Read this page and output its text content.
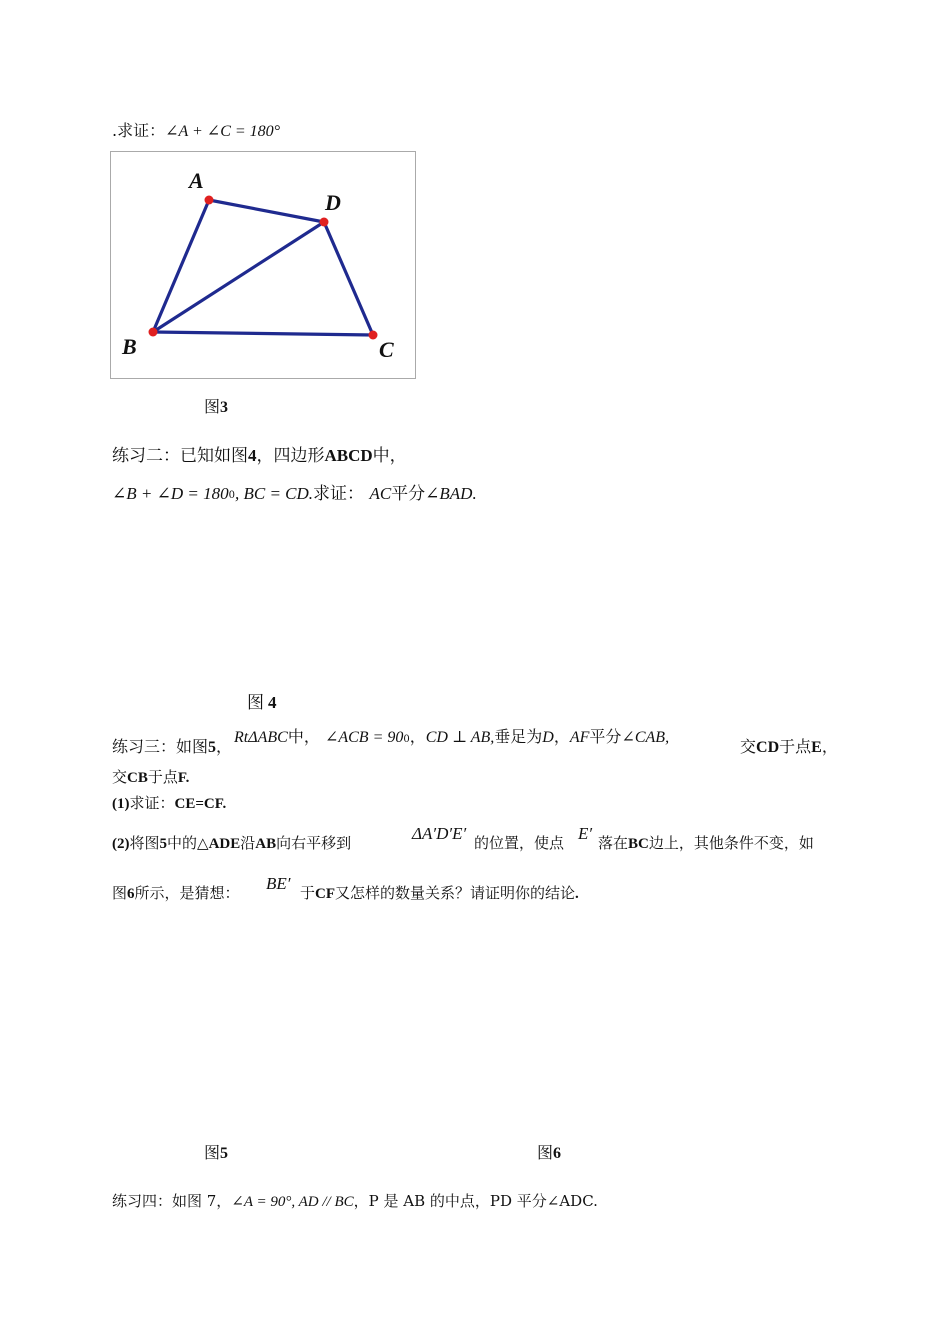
.求证：∠A + ∠C = 180°
A
D
B	C
图3
练习二：已知如图4，四边形ABCD中，
∠B + ∠D = 1800, BC = CD.求证： AC平分∠BAD.
图 4
练习三：如图5， RtΔABC中， ∠ACB = 900，CD ⊥ AB,垂足为D，AF平分∠CAB,	交CD于点E，
交CB于点F.
(1)求证：CE=CF.
(2)将图5中的△ADE沿AB向右平移到	ΔA′D′E′ 的位置，使点 E′ 落在BC边上，其他条件不变，如
图6所示，是猜想： BE′ 于CF又怎样的数量关系？请证明你的结论.
图5	图6
练习四：如图 7，∠A = 90°, AD // BC，P 是 AB 的中点，PD 平分∠ADC.
